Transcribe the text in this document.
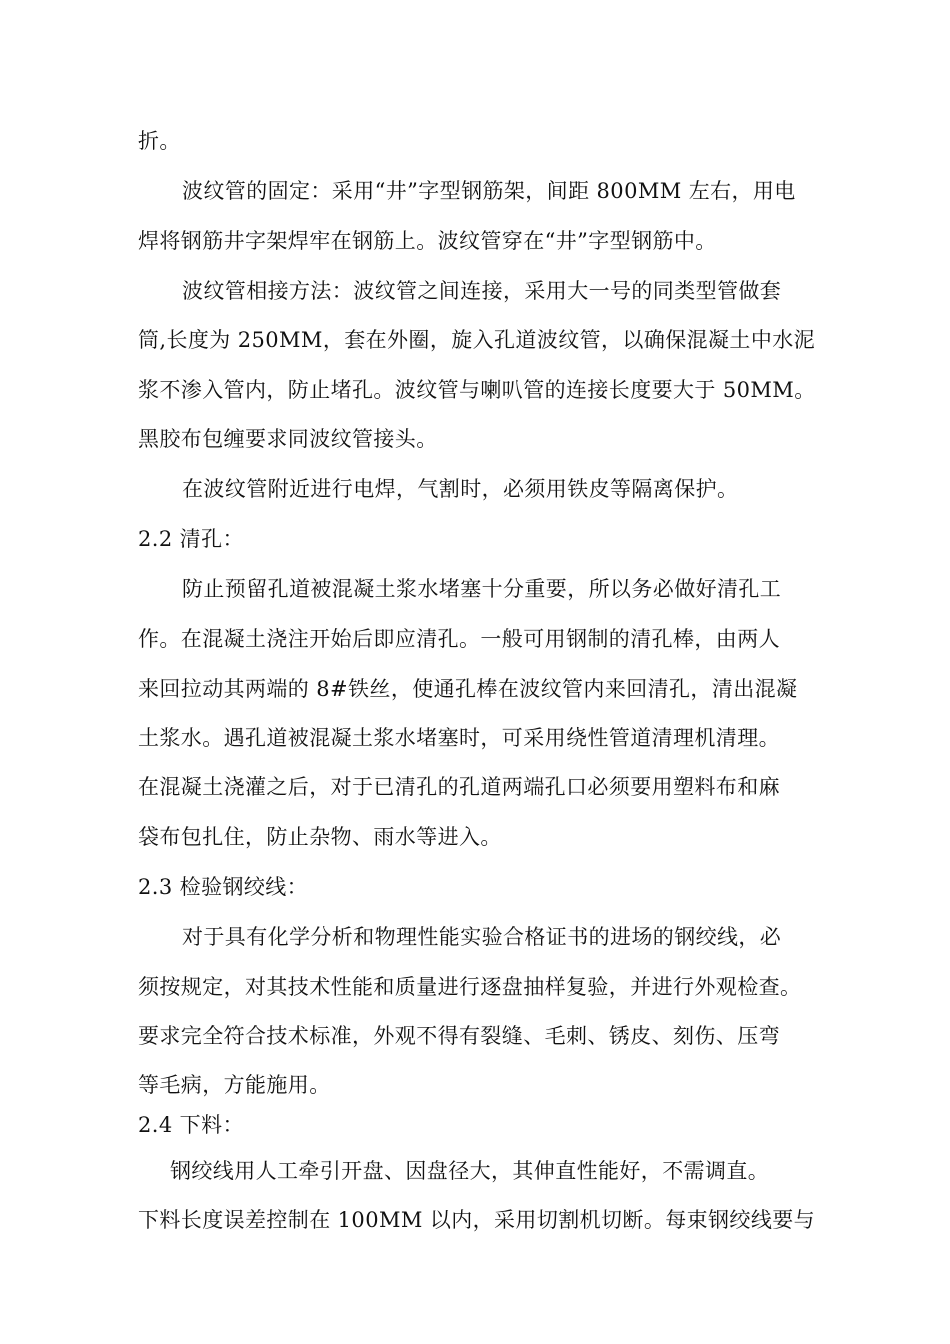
折。
波纹管的固定：采用“井”字型钢筋架，间距 800MM 左右，用电
焊将钢筋井字架焊牢在钢筋上。波纹管穿在“井”字型钢筋中。
波纹管相接方法：波纹管之间连接，采用大一号的同类型管做套
筒,长度为 250MM，套在外圈，旋入孔道波纹管，以确保混凝土中水泥
浆不渗入管内，防止堵孔。波纹管与喇叭管的连接长度要大于 50MM。
黑胶布包缠要求同波纹管接头。
在波纹管附近进行电焊，气割时，必须用铁皮等隔离保护。
2.2 清孔：
防止预留孔道被混凝土浆水堵塞十分重要，所以务必做好清孔工
作。在混凝土浇注开始后即应清孔。一般可用钢制的清孔棒，由两人
来回拉动其两端的 8#铁丝，使通孔棒在波纹管内来回清孔，清出混凝
土浆水。遇孔道被混凝土浆水堵塞时，可采用绕性管道清理机清理。
在混凝土浇灌之后，对于已清孔的孔道两端孔口必须要用塑料布和麻
袋布包扎住，防止杂物、雨水等进入。
2.3 检验钢绞线：
对于具有化学分析和物理性能实验合格证书的进场的钢绞线，必
须按规定，对其技术性能和质量进行逐盘抽样复验，并进行外观检查。
要求完全符合技术标准，外观不得有裂缝、毛刺、锈皮、刻伤、压弯
等毛病，方能施用。
2.4 下料：
钢绞线用人工牵引开盘、因盘径大，其伸直性能好，不需调直。
下料长度误差控制在 100MM 以内，采用切割机切断。每束钢绞线要与
